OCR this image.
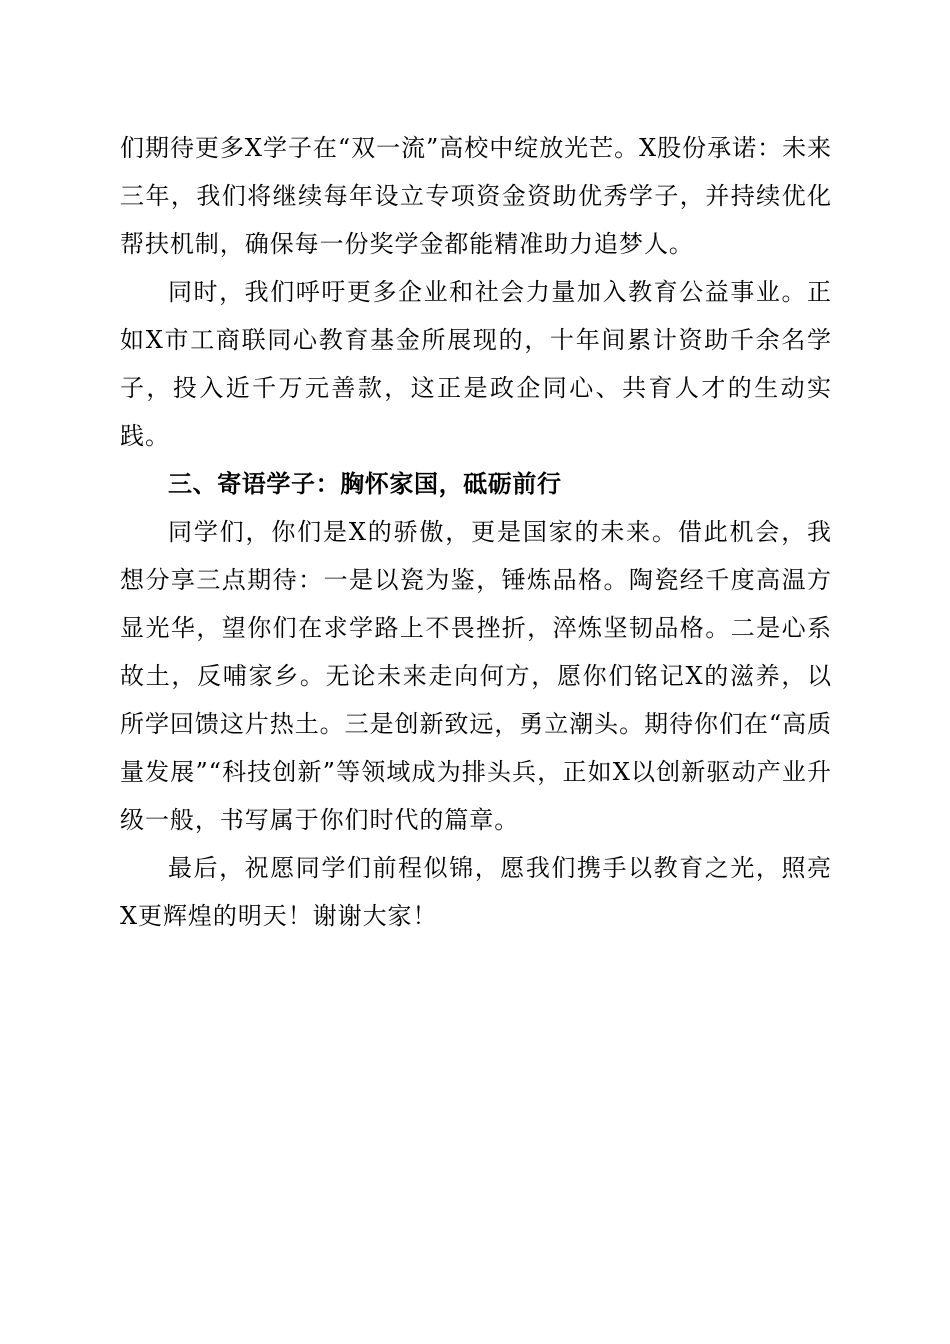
们期待更多X学子在“双一流”高校中绽放光芒。X股份承诺：未来三年，我们将继续每年设立专项资金资助优秀学子，并持续优化帮扶机制，确保每一份奖学金都能精准助力追梦人。

同时，我们呼吁更多企业和社会力量加入教育公益事业。正如X市工商联同心教育基金所展现的，十年间累计资助千余名学子，投入近千万元善款，这正是政企同心、共育人才的生动实践。

三、寄语学子：胸怀家国，砥砺前行

同学们，你们是X的骄傲，更是国家的未来。借此机会，我想分享三点期待：一是以瓷为鉴，锤炼品格。陶瓷经千度高温方显光华，望你们在求学路上不畏挫折，淬炼坚韧品格。二是心系故土，反哺家乡。无论未来走向何方，愿你们铭记X的滋养，以所学回馈这片热土。三是创新致远，勇立潮头。期待你们在“高质量发展”“科技创新”等领域成为排头兵，正如X以创新驱动产业升级一般，书写属于你们时代的篇章。

最后，祝愿同学们前程似锦，愿我们携手以教育之光，照亮X更辉煌的明天！谢谢大家！
